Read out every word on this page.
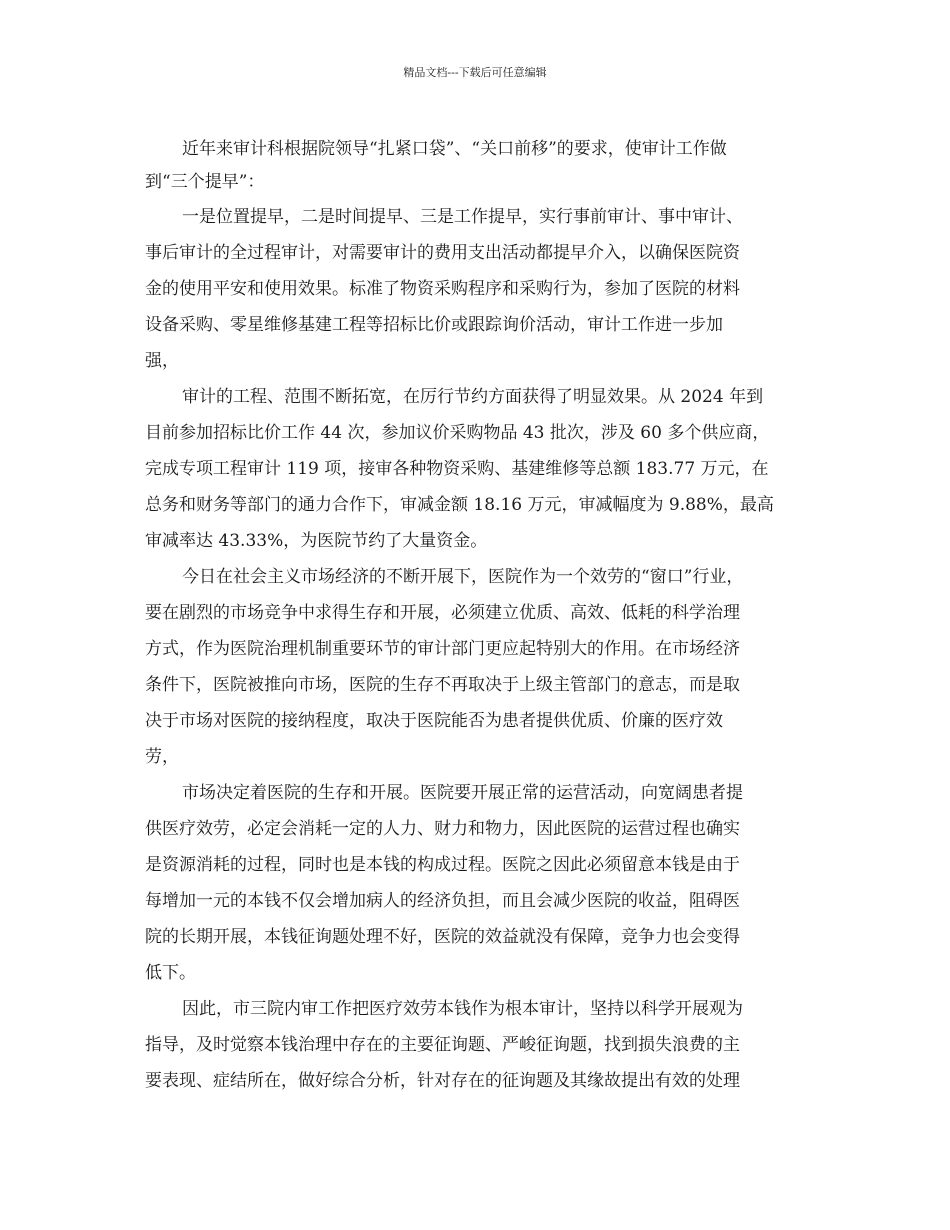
精品文档---下载后可任意编辑
近年来审计科根据院领导“扎紧口袋”、“关口前移”的要求，使审计工作做
到“三个提早”：
一是位置提早，二是时间提早、三是工作提早，实行事前审计、事中审计、
事后审计的全过程审计，对需要审计的费用支出活动都提早介入，以确保医院资
金的使用平安和使用效果。标准了物资采购程序和采购行为，参加了医院的材料
设备采购、零星维修基建工程等招标比价或跟踪询价活动，审计工作进一步加
强，
审计的工程、范围不断拓宽，在厉行节约方面获得了明显效果。从 2024 年到
目前参加招标比价工作 44 次，参加议价采购物品 43 批次，涉及 60 多个供应商，
完成专项工程审计 119 项，接审各种物资采购、基建维修等总额 183.77 万元，在
总务和财务等部门的通力合作下，审减金额 18.16 万元，审减幅度为 9.88%，最高
审减率达 43.33%，为医院节约了大量资金。
今日在社会主义市场经济的不断开展下，医院作为一个效劳的“窗口”行业，
要在剧烈的市场竞争中求得生存和开展，必须建立优质、高效、低耗的科学治理
方式，作为医院治理机制重要环节的审计部门更应起特别大的作用。在市场经济
条件下，医院被推向市场，医院的生存不再取决于上级主管部门的意志，而是取
决于市场对医院的接纳程度，取决于医院能否为患者提供优质、价廉的医疗效
劳，
市场决定着医院的生存和开展。医院要开展正常的运营活动，向宽阔患者提
供医疗效劳，必定会消耗一定的人力、财力和物力，因此医院的运营过程也确实
是资源消耗的过程，同时也是本钱的构成过程。医院之因此必须留意本钱是由于
每增加一元的本钱不仅会增加病人的经济负担，而且会减少医院的收益，阻碍医
院的长期开展，本钱征询题处理不好，医院的效益就没有保障，竞争力也会变得
低下。
因此，市三院内审工作把医疗效劳本钱作为根本审计，坚持以科学开展观为
指导，及时觉察本钱治理中存在的主要征询题、严峻征询题，找到损失浪费的主
要表现、症结所在，做好综合分析，针对存在的征询题及其缘故提出有效的处理
